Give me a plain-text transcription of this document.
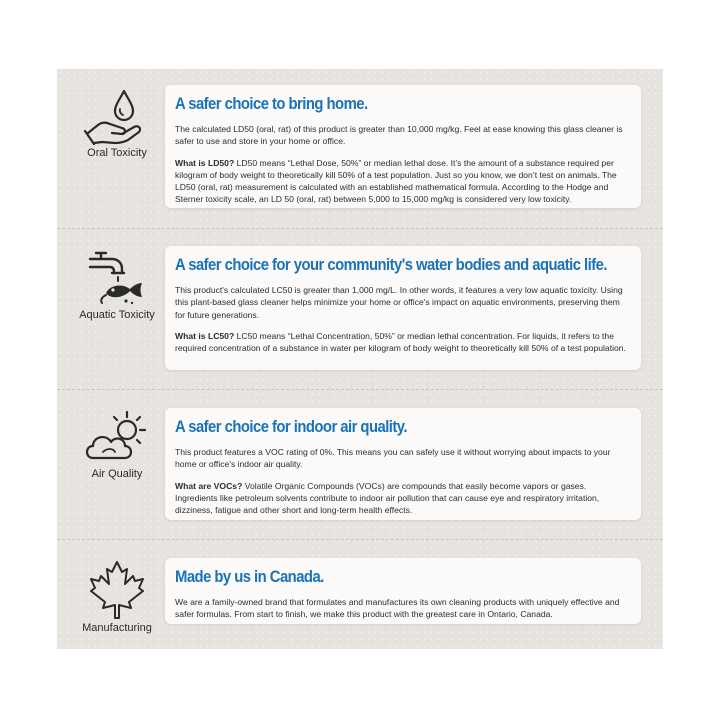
Oral Toxicity
A safer choice to bring home.

The calculated LD50 (oral, rat) of this product is greater than 10,000 mg/kg. Feel at ease knowing this glass cleaner is safer to use and store in your home or office.

What is LD50? LD50 means “Lethal Dose, 50%” or median lethal dose. It’s the amount of a substance required per kilogram of body weight to theoretically kill 50% of a test population. Just so you know, we don’t test on animals. The LD50 (oral, rat) measurement is calculated with an established mathematical formula. According to the Hodge and Sterner toxicity scale, an LD 50 (oral, rat) between 5,000 to 15,000 mg/kg is considered very low toxicity.

Aquatic Toxicity
A safer choice for your community's water bodies and aquatic life.

This product's calculated LC50 is greater than 1,000 mg/L. In other words, it features a very low aquatic toxicity. Using this plant-based glass cleaner helps minimize your home or office's impact on aquatic environments, preserving them for future generations.

What is LC50? LC50 means “Lethal Concentration, 50%” or median lethal concentration. For liquids, it refers to the required concentration of a substance in water per kilogram of body weight to theoretically kill 50% of a test population.

Air Quality
A safer choice for indoor air quality.

This product features a VOC rating of 0%. This means you can safely use it without worrying about impacts to your home or office's indoor air quality.

What are VOCs? Volatile Organic Compounds (VOCs) are compounds that easily become vapors or gases. Ingredients like petroleum solvents contribute to indoor air pollution that can cause eye and respiratory irritation, dizziness, fatigue and other short and long-term health effects.

Manufacturing
Made by us in Canada.

We are a family-owned brand that formulates and manufactures its own cleaning products with uniquely effective and safer formulas. From start to finish, we make this product with the greatest care in Ontario, Canada.
